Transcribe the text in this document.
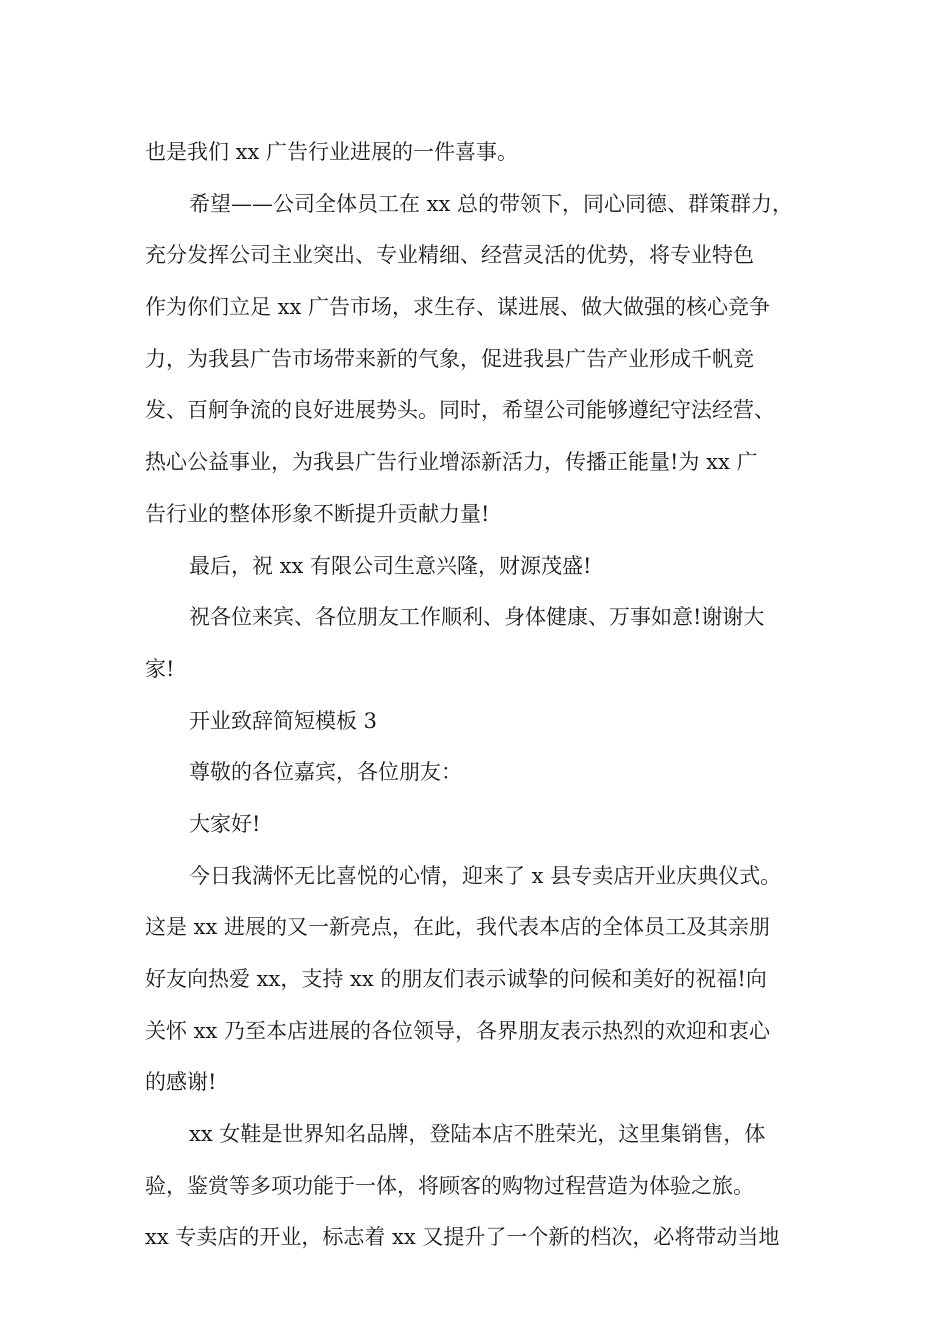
也是我们 xx 广告行业进展的一件喜事。
希望——公司全体员工在 xx 总的带领下，同心同德、群策群力，
充分发挥公司主业突出、专业精细、经营灵活的优势，将专业特色
作为你们立足 xx 广告市场，求生存、谋进展、做大做强的核心竞争
力，为我县广告市场带来新的气象，促进我县广告产业形成千帆竞
发、百舸争流的良好进展势头。同时，希望公司能够遵纪守法经营、
热心公益事业，为我县广告行业增添新活力，传播正能量!为 xx 广
告行业的整体形象不断提升贡献力量!
最后，祝 xx 有限公司生意兴隆，财源茂盛!
祝各位来宾、各位朋友工作顺利、身体健康、万事如意!谢谢大
家!
开业致辞简短模板 3
尊敬的各位嘉宾，各位朋友：
大家好!
今日我满怀无比喜悦的心情，迎来了 x 县专卖店开业庆典仪式。
这是 xx 进展的又一新亮点，在此，我代表本店的全体员工及其亲朋
好友向热爱 xx，支持 xx 的朋友们表示诚挚的问候和美好的祝福!向
关怀 xx 乃至本店进展的各位领导，各界朋友表示热烈的欢迎和衷心
的感谢!
xx 女鞋是世界知名品牌，登陆本店不胜荣光，这里集销售，体
验，鉴赏等多项功能于一体，将顾客的购物过程营造为体验之旅。
xx 专卖店的开业，标志着 xx 又提升了一个新的档次，必将带动当地
